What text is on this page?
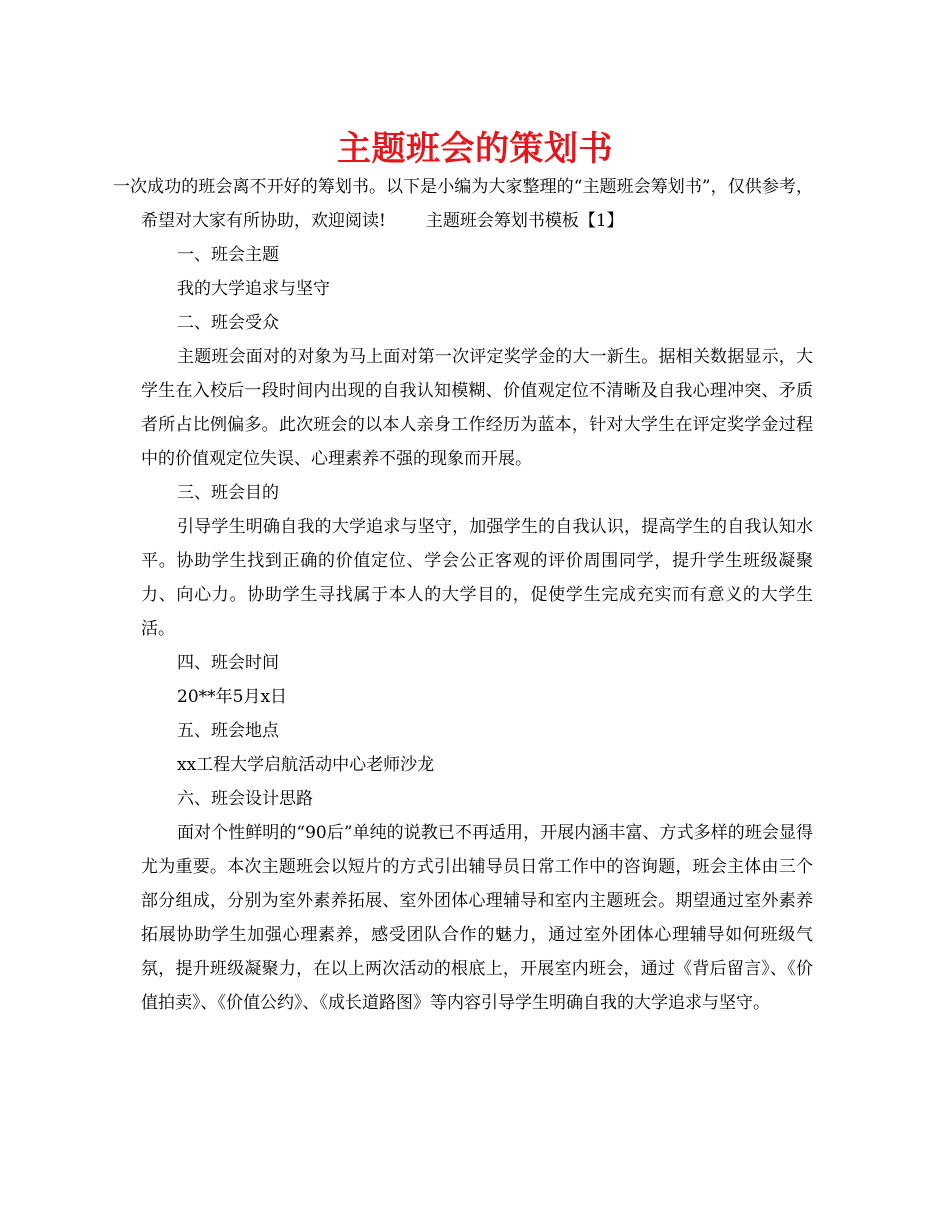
主题班会的策划书

一次成功的班会离不开好的筹划书。以下是小编为大家整理的“主题班会筹划书”，仅供参考，希望对大家有所协助，欢迎阅读! 主题班会筹划书模板【1】

一、班会主题

我的大学追求与坚守

二、班会受众

主题班会面对的对象为马上面对第一次评定奖学金的大一新生。据相关数据显示，大学生在入校后一段时间内出现的自我认知模糊、价值观定位不清晰及自我心理冲突、矛质者所占比例偏多。此次班会的以本人亲身工作经历为蓝本，针对大学生在评定奖学金过程中的价值观定位失误、心理素养不强的现象而开展。

三、班会目的

引导学生明确自我的大学追求与坚守，加强学生的自我认识，提高学生的自我认知水平。协助学生找到正确的价值定位、学会公正客观的评价周围同学，提升学生班级凝聚力、向心力。协助学生寻找属于本人的大学目的，促使学生完成充实而有意义的大学生活。

四、班会时间

20**年5月x日

五、班会地点

xx工程大学启航活动中心老师沙龙

六、班会设计思路

面对个性鲜明的“90后”单纯的说教已不再适用，开展内涵丰富、方式多样的班会显得尤为重要。本次主题班会以短片的方式引出辅导员日常工作中的咨询题，班会主体由三个部分组成，分别为室外素养拓展、室外团体心理辅导和室内主题班会。期望通过室外素养拓展协助学生加强心理素养，感受团队合作的魅力，通过室外团体心理辅导如何班级气氛，提升班级凝聚力，在以上两次活动的根底上，开展室内班会，通过《背后留言》、《价值拍卖》、《价值公约》、《成长道路图》等内容引导学生明确自我的大学追求与坚守。
